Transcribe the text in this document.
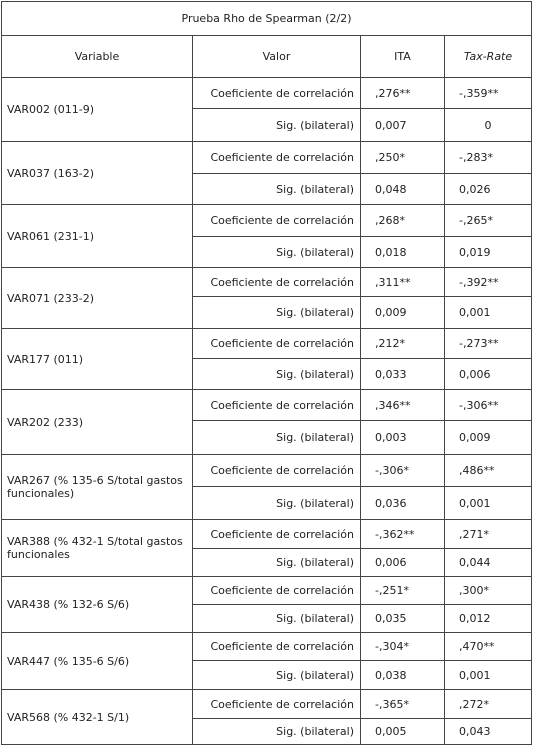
Prueba Rho de Spearman (2/2)			
Variable	Valor	ITA	Tax-Rate
VAR002 (011-9)	Coeficiente de correlación	,276**	-,359**
	Sig. (bilateral)	0,007	0
VAR037 (163-2)	Coeficiente de correlación	,250*	-,283*
	Sig. (bilateral)	0,048	0,026
VAR061 (231-1)	Coeficiente de correlación	,268*	-,265*
	Sig. (bilateral)	0,018	0,019
VAR071 (233-2)	Coeficiente de correlación	,311**	-,392**
	Sig. (bilateral)	0,009	0,001
VAR177 (011)	Coeficiente de correlación	,212*	-,273**
	Sig. (bilateral)	0,033	0,006
VAR202 (233)	Coeficiente de correlación	,346**	-,306**
	Sig. (bilateral)	0,003	0,009
VAR267 (% 135-6 S/total gastos funcionales)	Coeficiente de correlación	-,306*	,486**
	Sig. (bilateral)	0,036	0,001
VAR388 (% 432-1 S/total gastos funcionales	Coeficiente de correlación	-,362**	,271*
	Sig. (bilateral)	0,006	0,044
VAR438 (% 132-6 S/6)	Coeficiente de correlación	-,251*	,300*
	Sig. (bilateral)	0,035	0,012
VAR447 (% 135-6 S/6)	Coeficiente de correlación	-,304*	,470**
	Sig. (bilateral)	0,038	0,001
VAR568 (% 432-1 S/1)	Coeficiente de correlación	-,365*	,272*
	Sig. (bilateral)	0,005	0,043
